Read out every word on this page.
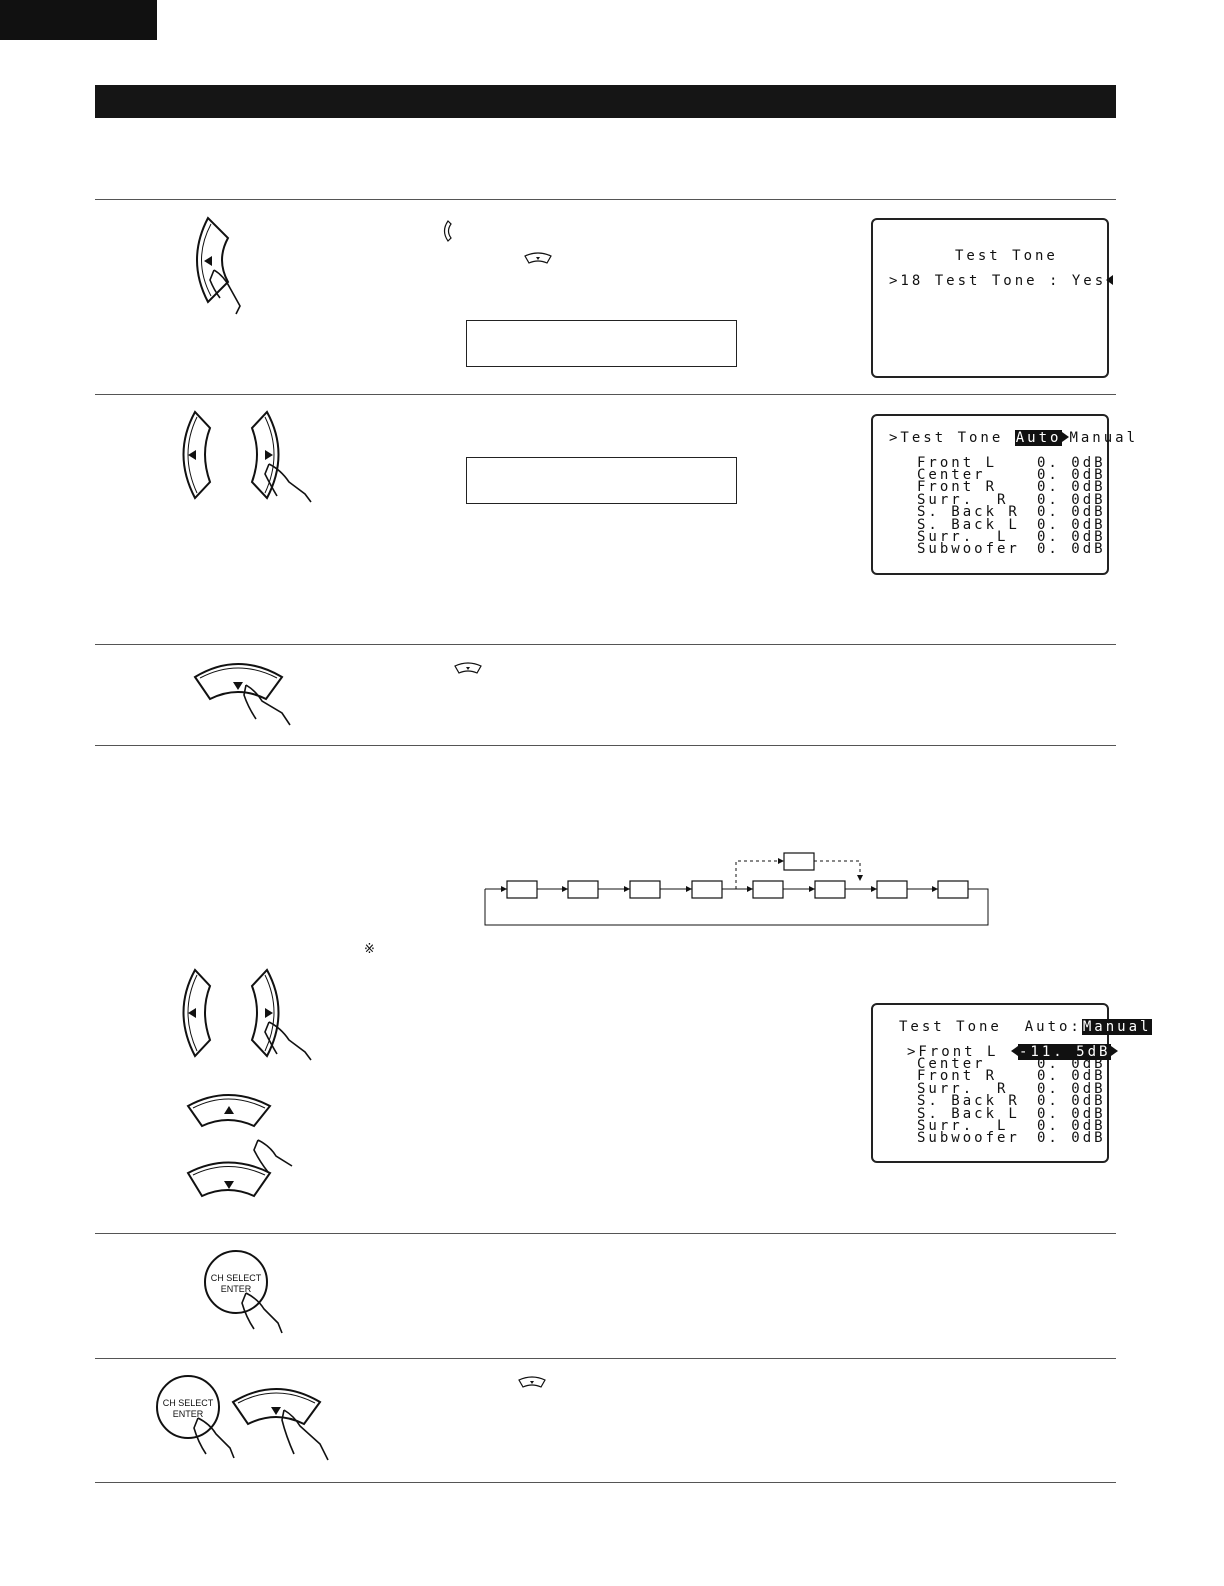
Test Tone
>18 Test Tone : Yes
>Test Tone Auto Manual
Front L	0. 0dB
Center	0. 0dB
Front R	0. 0dB
Surr.  R 0. 0dB
S. Back R 0. 0dB
S. Back L 0. 0dB
Surr.  L 0. 0dB
Subwoofer 0. 0dB
※
Test Tone  Auto:Manual
>Front L	-11. 5dB
Center	0. 0dB
Front R	0. 0dB
Surr.  R 0. 0dB
S. Back R 0. 0dB
S. Back L 0. 0dB
Surr.  L 0. 0dB
Subwoofer 0. 0dB
CH SELECT
ENTER
CH SELECT
ENTER
